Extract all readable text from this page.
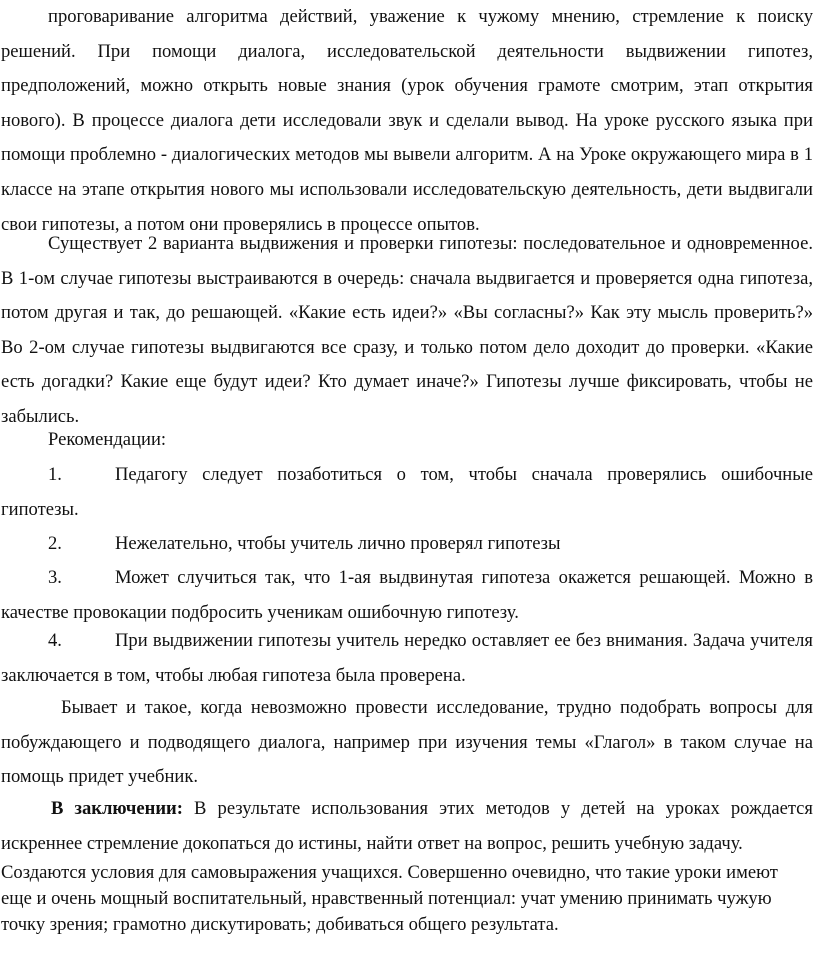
проговаривание алгоритма действий, уважение к чужому мнению, стремление к поиску решений. При помощи диалога, исследовательской деятельности выдвижении гипотез, предположений, можно открыть новые знания (урок обучения грамоте смотрим, этап открытия нового). В процессе диалога дети исследовали звук и сделали вывод. На уроке русского языка при помощи проблемно - диалогических методов мы вывели алгоритм. А на Уроке окружающего мира в 1 классе на этапе открытия нового мы использовали исследовательскую деятельность, дети выдвигали свои гипотезы, а потом они проверялись в процессе опытов.
Существует 2 варианта выдвижения и проверки гипотезы: последовательное и одновременное. В 1-ом случае гипотезы выстраиваются в очередь: сначала выдвигается и проверяется одна гипотеза, потом другая и так, до решающей. «Какие есть идеи?» «Вы согласны?» Как эту мысль проверить?» Во 2-ом случае гипотезы выдвигаются все сразу, и только потом дело доходит до проверки. «Какие есть догадки? Какие еще будут идеи? Кто думает иначе?» Гипотезы лучше фиксировать, чтобы не забылись.
Рекомендации:
1.	Педагогу следует позаботиться о том, чтобы сначала проверялись ошибочные гипотезы.
2.	Нежелательно, чтобы учитель лично проверял гипотезы
3.	Может случиться так, что 1-ая выдвинутая гипотеза окажется решающей. Можно в качестве провокации подбросить ученикам ошибочную гипотезу.
4.	При выдвижении гипотезы учитель нередко оставляет ее без внимания. Задача учителя заключается в том, чтобы любая гипотеза была проверена.
Бывает и такое, когда невозможно провести исследование, трудно подобрать вопросы для побуждающего и подводящего диалога, например при изучения темы «Глагол» в таком случае на помощь придет учебник.
В заключении: В результате использования этих методов у детей на уроках рождается искреннее стремление докопаться до истины, найти ответ на вопрос, решить учебную задачу.
Создаются условия для самовыражения учащихся. Совершенно очевидно, что такие уроки имеют еще и очень мощный воспитательный, нравственный потенциал: учат умению принимать чужую точку зрения; грамотно дискутировать; добиваться общего результата.
